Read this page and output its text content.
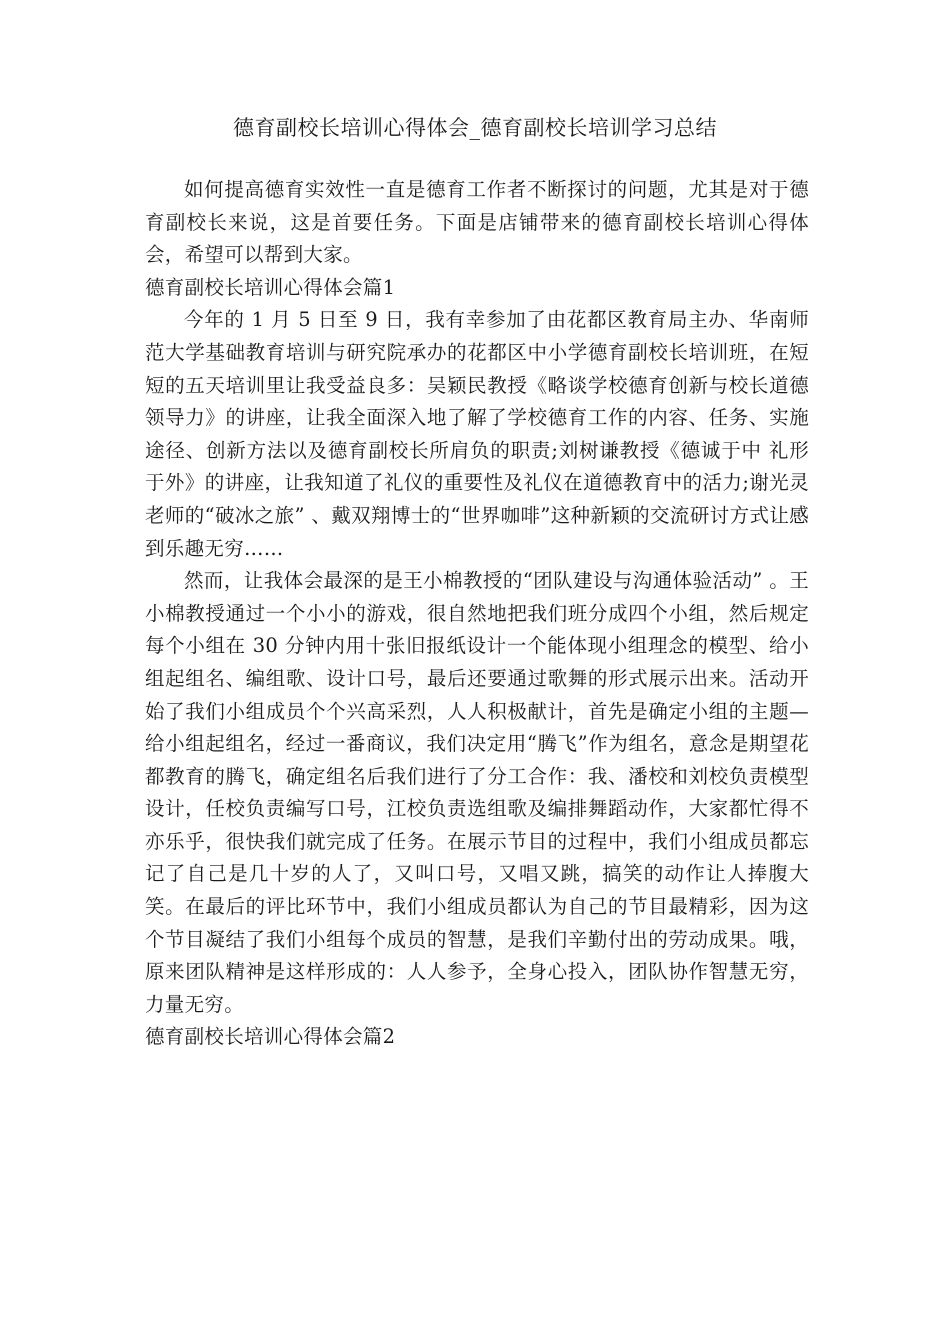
德育副校长培训心得体会_德育副校长培训学习总结

如何提高德育实效性一直是德育工作者不断探讨的问题，尤其是对于德育副校长来说，这是首要任务。下面是店铺带来的德育副校长培训心得体会，希望可以帮到大家。

德育副校长培训心得体会篇1

今年的 1 月 5 日至 9 日，我有幸参加了由花都区教育局主办、华南师范大学基础教育培训与研究院承办的花都区中小学德育副校长培训班，在短短的五天培训里让我受益良多：吴颖民教授《略谈学校德育创新与校长道德领导力》的讲座，让我全面深入地了解了学校德育工作的内容、任务、实施途径、创新方法以及德育副校长所肩负的职责;刘树谦教授《德诚于中 礼形于外》的讲座，让我知道了礼仪的重要性及礼仪在道德教育中的活力;谢光灵老师的“破冰之旅” 、戴双翔博士的“世界咖啡”这种新颖的交流研讨方式让感到乐趣无穷……

然而，让我体会最深的是王小棉教授的“团队建设与沟通体验活动” 。王小棉教授通过一个小小的游戏，很自然地把我们班分成四个小组，然后规定每个小组在 30 分钟内用十张旧报纸设计一个能体现小组理念的模型、给小组起组名、编组歌、设计口号，最后还要通过歌舞的形式展示出来。活动开始了我们小组成员个个兴高采烈，人人积极献计，首先是确定小组的主题—给小组起组名，经过一番商议，我们决定用“腾飞”作为组名，意念是期望花都教育的腾飞，确定组名后我们进行了分工合作：我、潘校和刘校负责模型设计，任校负责编写口号，江校负责选组歌及编排舞蹈动作，大家都忙得不亦乐乎，很快我们就完成了任务。在展示节目的过程中，我们小组成员都忘记了自己是几十岁的人了，又叫口号，又唱又跳，搞笑的动作让人捧腹大笑。在最后的评比环节中，我们小组成员都认为自己的节目最精彩，因为这个节目凝结了我们小组每个成员的智慧，是我们辛勤付出的劳动成果。哦，原来团队精神是这样形成的：人人参予，全身心投入，团队协作智慧无穷，力量无穷。

德育副校长培训心得体会篇2
